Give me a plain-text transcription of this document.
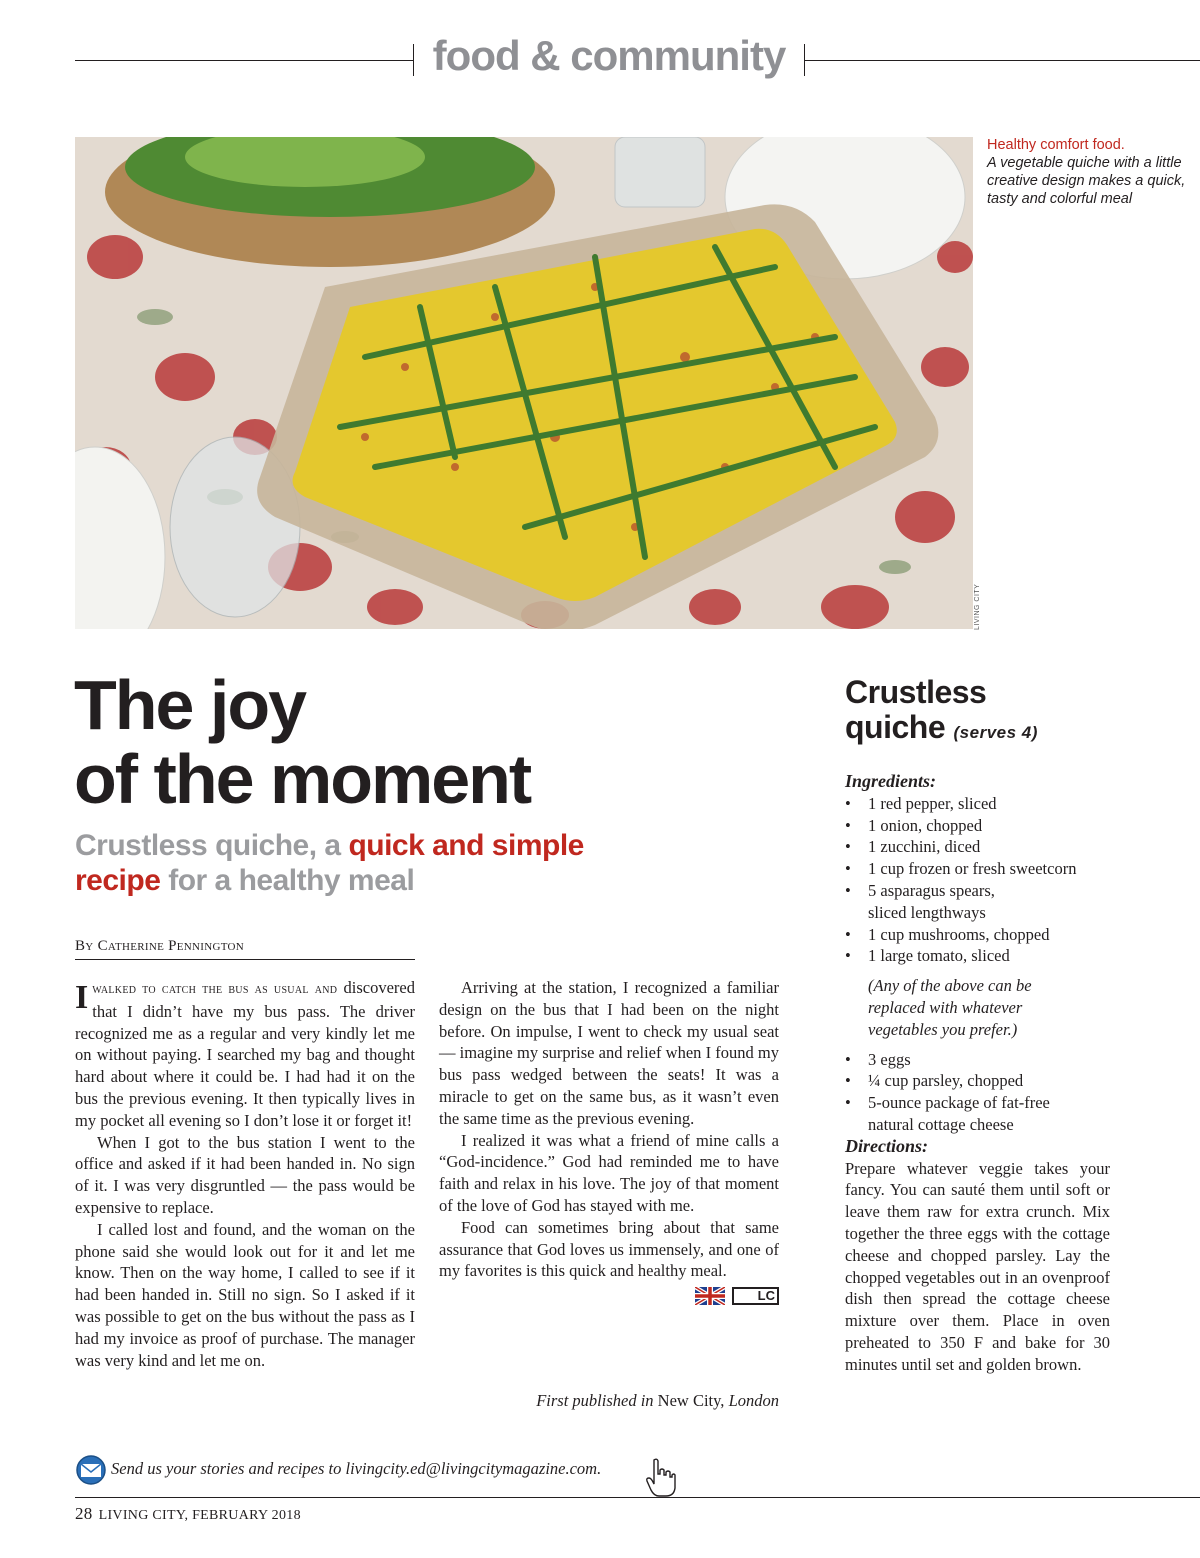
food & community
LIVING CITY
Healthy comfort food.
A vegetable quiche with a little creative design makes a quick, tasty and colorful meal
The joy
of the moment
Crustless quiche, a quick and simple
recipe for a healthy meal
By Catherine Pennington

Iwalked to catch the bus as usual and discovered that I didn’t have my bus pass. The driver recognized me as a regular and very kindly let me on without paying. I searched my bag and thought hard about where it could be. I had had it on the bus the previous evening. It then typically lives in my pocket all evening so I don’t lose it or forget it!

When I got to the bus station I went to the office and asked if it had been handed in. No sign of it. I was very disgruntled — the pass would be expensive to replace.

I called lost and found, and the woman on the phone said she would look out for it and let me know. Then on the way home, I called to see if it had been handed in. Still no sign. So I asked if it was possible to get on the bus without the pass as I had my invoice as proof of purchase. The manager was very kind and let me on.

Arriving at the station, I recognized a familiar design on the bus that I had been on the night before. On impulse, I went to check my usual seat — imagine my surprise and relief when I found my bus pass wedged between the seats! It was a miracle to get on the same bus, as it wasn’t even the same time as the previous evening.

I realized it was what a friend of mine calls a “God-incidence.” God had reminded me to have faith and relax in his love. The joy of that moment of the love of God has stayed with me.

Food can sometimes bring about that same assurance that God loves us immensely, and one of my favorites is this quick and healthy meal.
LC

First published in New City, London
Crustless
quiche (serves 4)
Ingredients:
• 1 red pepper, sliced
• 1 onion, chopped
• 1 zucchini, diced
• 1 cup frozen or fresh sweetcorn
• 5 asparagus spears, sliced lengthways
• 1 cup mushrooms, chopped
• 1 large tomato, sliced
(Any of the above can be replaced with whatever vegetables you prefer.)
• 3 eggs
• ¼ cup parsley, chopped
• 5-ounce package of fat-free natural cottage cheese
Directions:
Prepare whatever veggie takes your fancy. You can sauté them until soft or leave them raw for extra crunch. Mix together the three eggs with the cottage cheese and chopped parsley. Lay the chopped vegetables out in an ovenproof dish then spread the cottage cheese mixture over them. Place in oven preheated to 350 F and bake for 30 minutes until set and golden brown.
Send us your stories and recipes to livingcity.ed@livingcitymagazine.com.
28 LIVING CITY, FEBRUARY 2018
